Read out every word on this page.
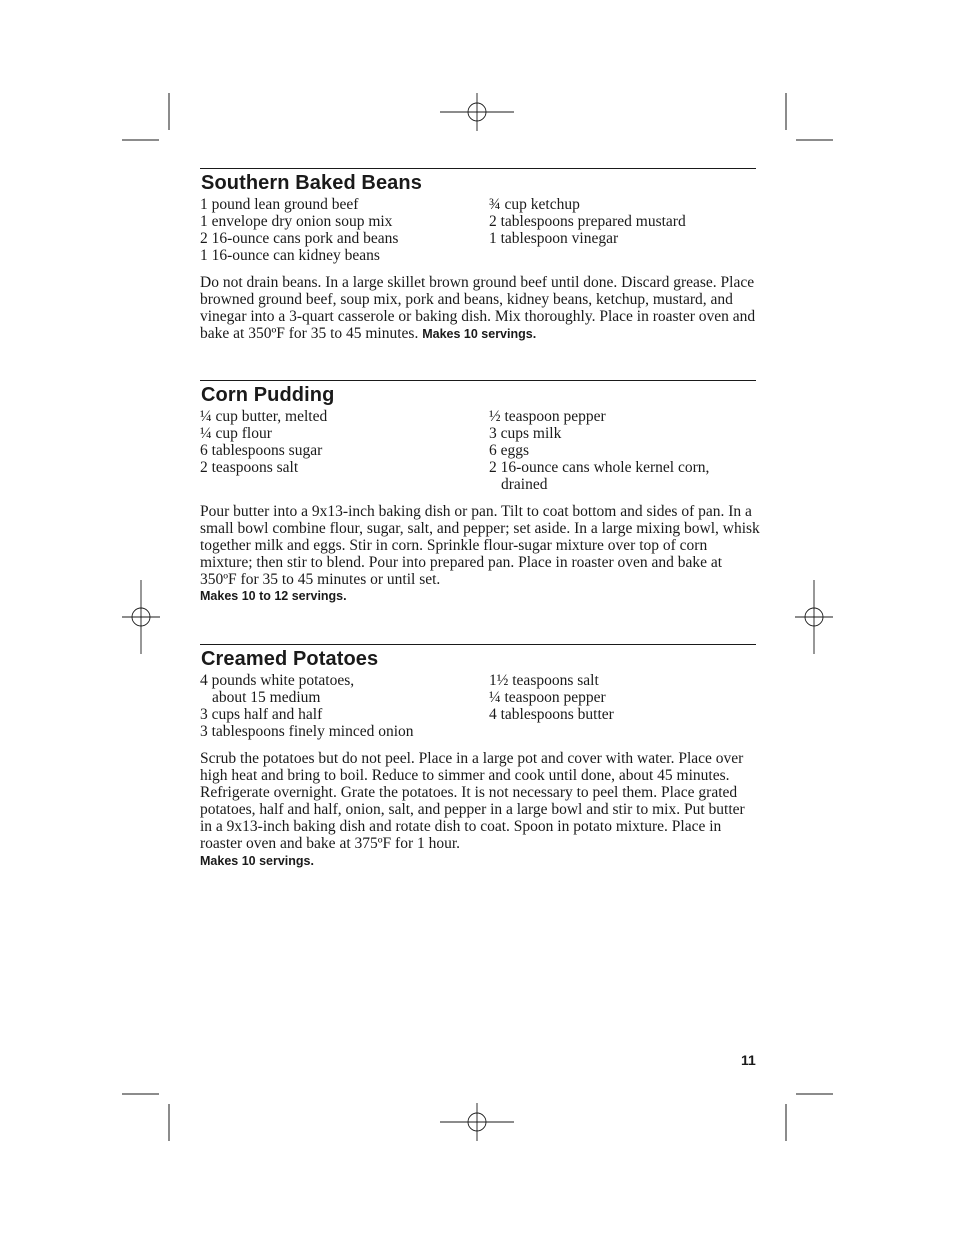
Southern Baked Beans
1 pound lean ground beef
1 envelope dry onion soup mix
2 16-ounce cans pork and beans
1 16-ounce can kidney beans
¾ cup ketchup
2 tablespoons prepared mustard
1 tablespoon vinegar

Do not drain beans. In a large skillet brown ground beef until done. Discard grease. Place browned ground beef, soup mix, pork and beans, kidney beans, ketchup, mustard, and vinegar into a 3-quart casserole or baking dish. Mix thoroughly. Place in roaster oven and bake at 350ºF for 35 to 45 minutes. Makes 10 servings.

Corn Pudding
¼ cup butter, melted
¼ cup flour
6 tablespoons sugar
2 teaspoons salt
½ teaspoon pepper
3 cups milk
6 eggs
2 16-ounce cans whole kernel corn,
drained

Pour butter into a 9x13-inch baking dish or pan. Tilt to coat bottom and sides of pan. In a small bowl combine flour, sugar, salt, and pepper; set aside. In a large mixing bowl, whisk together milk and eggs. Stir in corn. Sprinkle flour-sugar mixture over top of corn mixture; then stir to blend. Pour into prepared pan. Place in roaster oven and bake at 350ºF for 35 to 45 minutes or until set.
Makes 10 to 12 servings.

Creamed Potatoes
4 pounds white potatoes,
about 15 medium
3 cups half and half
3 tablespoons finely minced onion
1½ teaspoons salt
¼ teaspoon pepper
4 tablespoons butter

Scrub the potatoes but do not peel. Place in a large pot and cover with water. Place over high heat and bring to boil. Reduce to simmer and cook until done, about 45 minutes. Refrigerate overnight. Grate the potatoes. It is not necessary to peel them. Place grated potatoes, half and half, onion, salt, and pepper in a large bowl and stir to mix. Put butter in a 9x13-inch baking dish and rotate dish to coat. Spoon in potato mixture. Place in roaster oven and bake at 375ºF for 1 hour.
Makes 10 servings.

11
